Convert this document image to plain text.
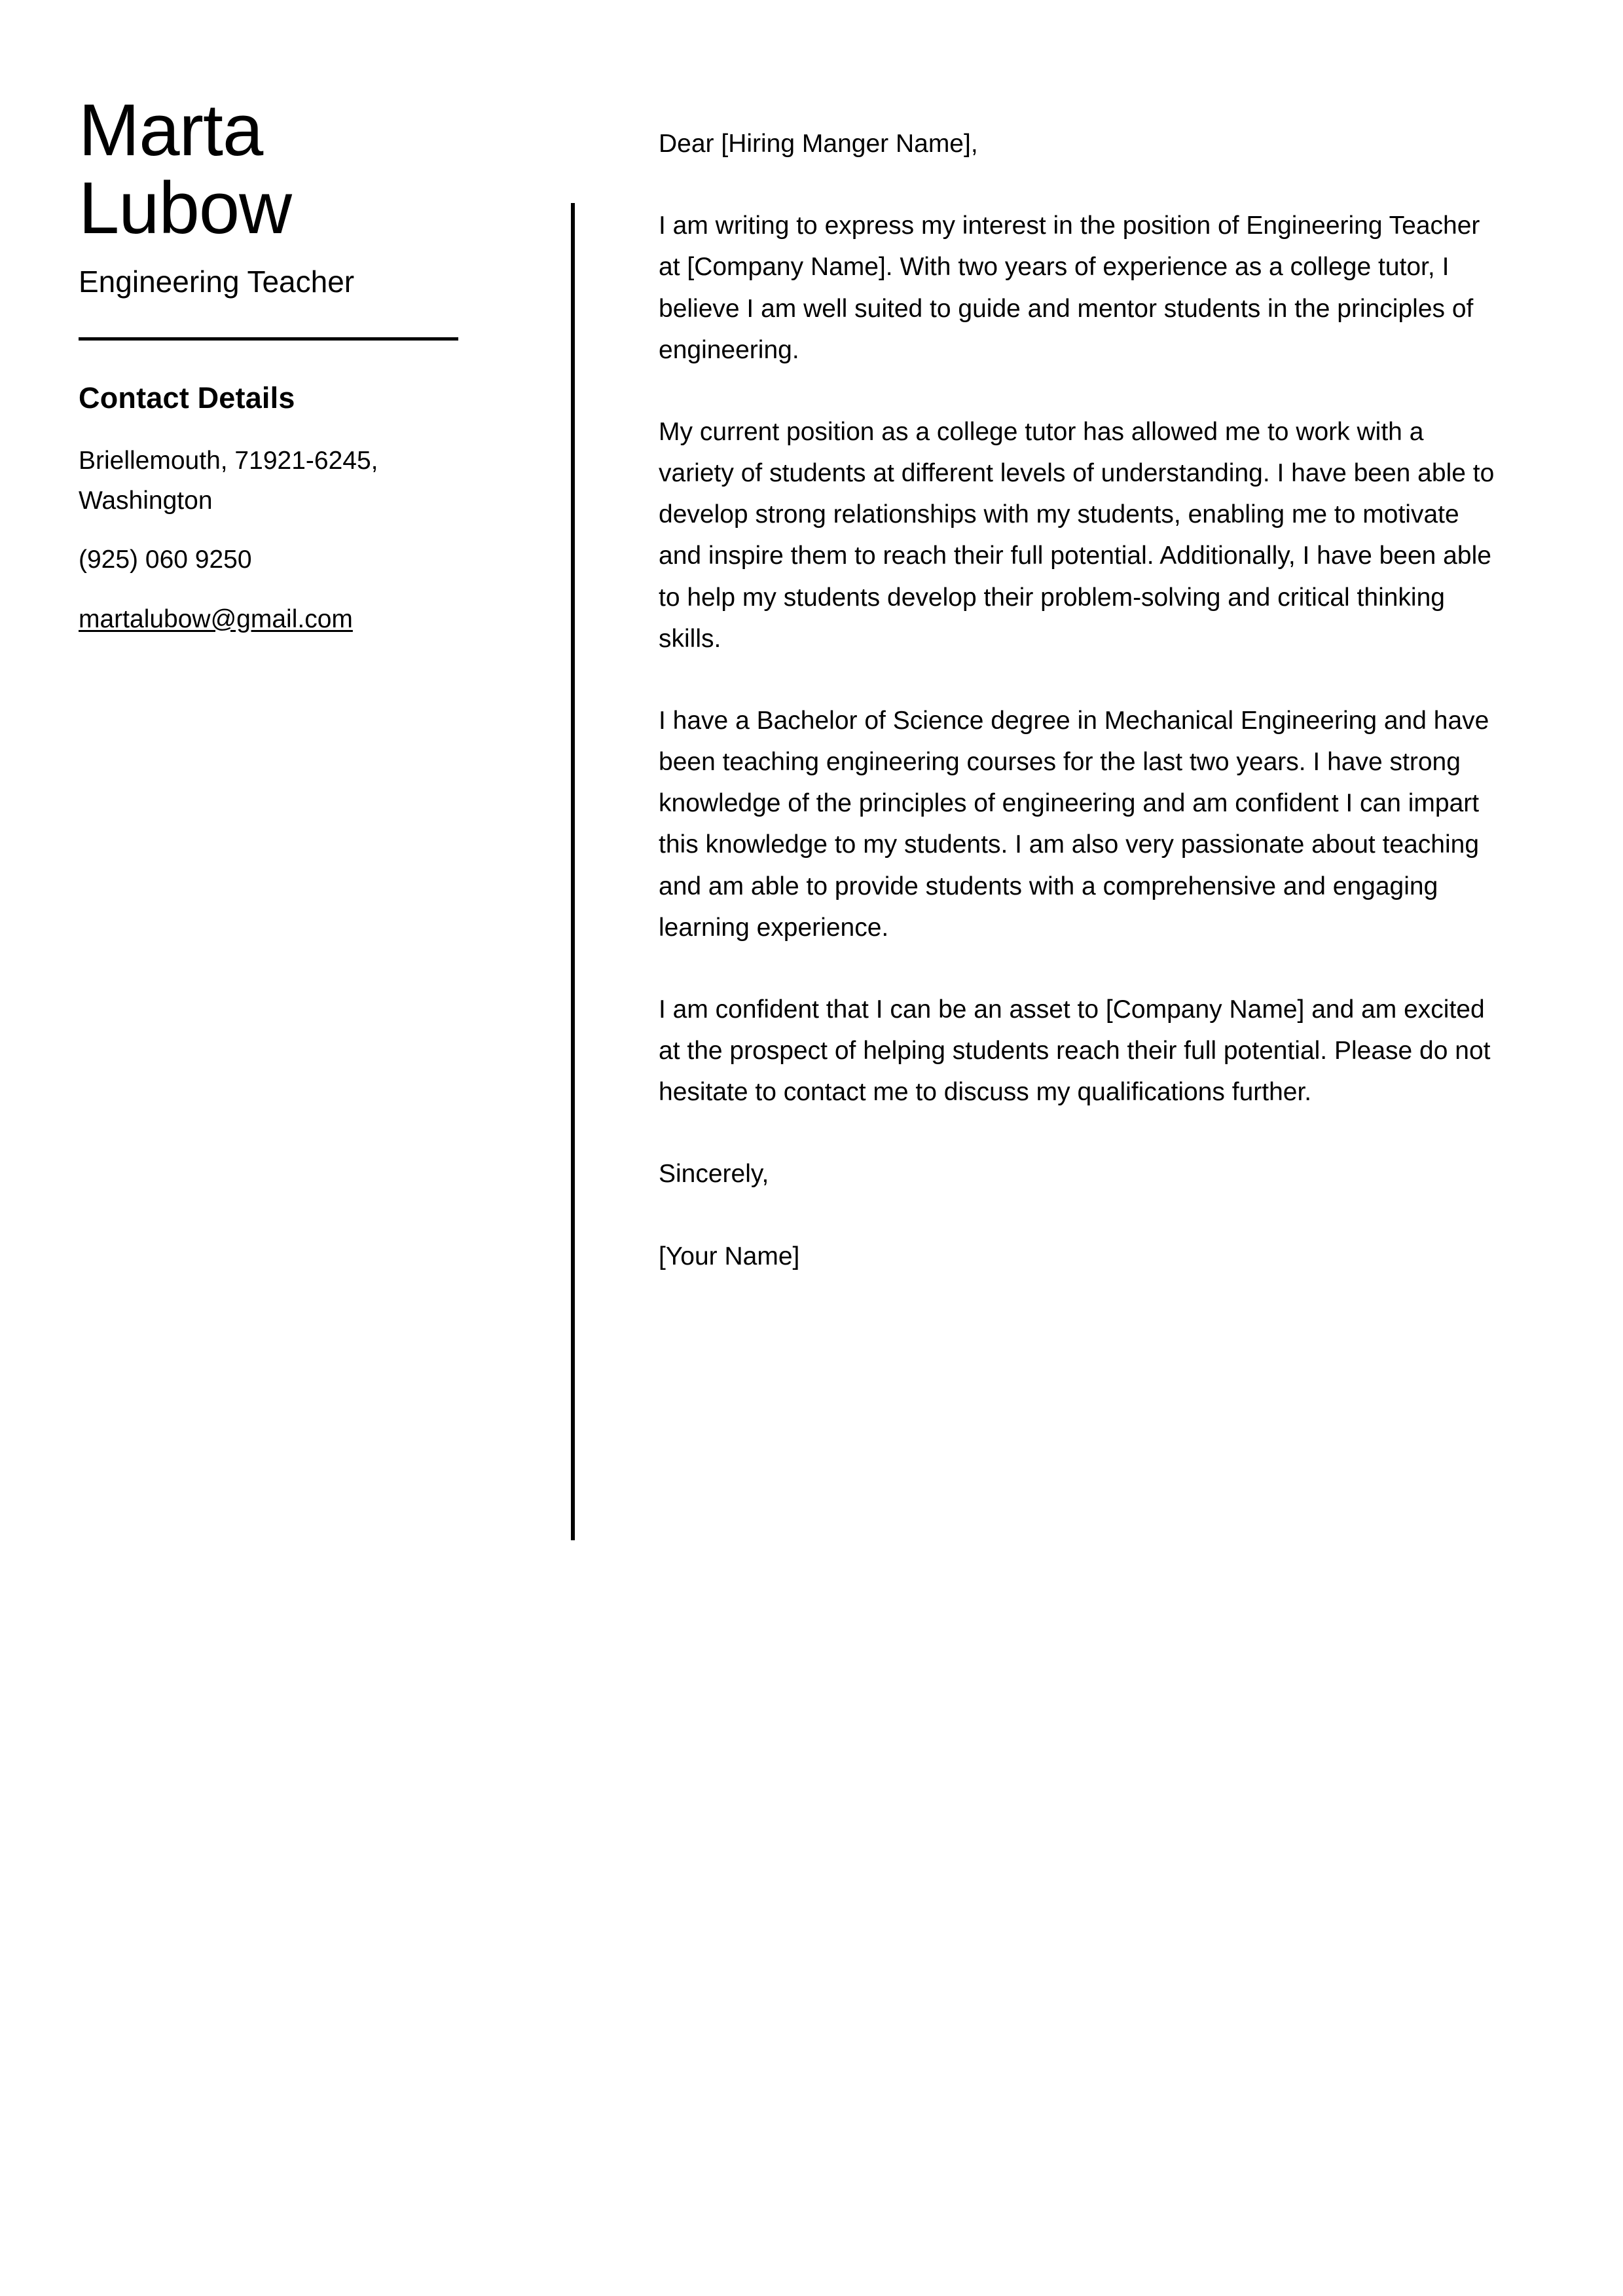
Marta
Lubow
Engineering Teacher
Contact Details
Briellemouth, 71921-6245, Washington
(925) 060 9250
martalubow@gmail.com

Dear [Hiring Manger Name],

I am writing to express my interest in the position of Engineering Teacher at [Company Name]. With two years of experience as a college tutor, I believe I am well suited to guide and mentor students in the principles of engineering.

My current position as a college tutor has allowed me to work with a variety of students at different levels of understanding. I have been able to develop strong relationships with my students, enabling me to motivate and inspire them to reach their full potential. Additionally, I have been able to help my students develop their problem-solving and critical thinking skills.

I have a Bachelor of Science degree in Mechanical Engineering and have been teaching engineering courses for the last two years. I have strong knowledge of the principles of engineering and am confident I can impart this knowledge to my students. I am also very passionate about teaching and am able to provide students with a comprehensive and engaging learning experience.

I am confident that I can be an asset to [Company Name] and am excited at the prospect of helping students reach their full potential. Please do not hesitate to contact me to discuss my qualifications further.

Sincerely,

[Your Name]
